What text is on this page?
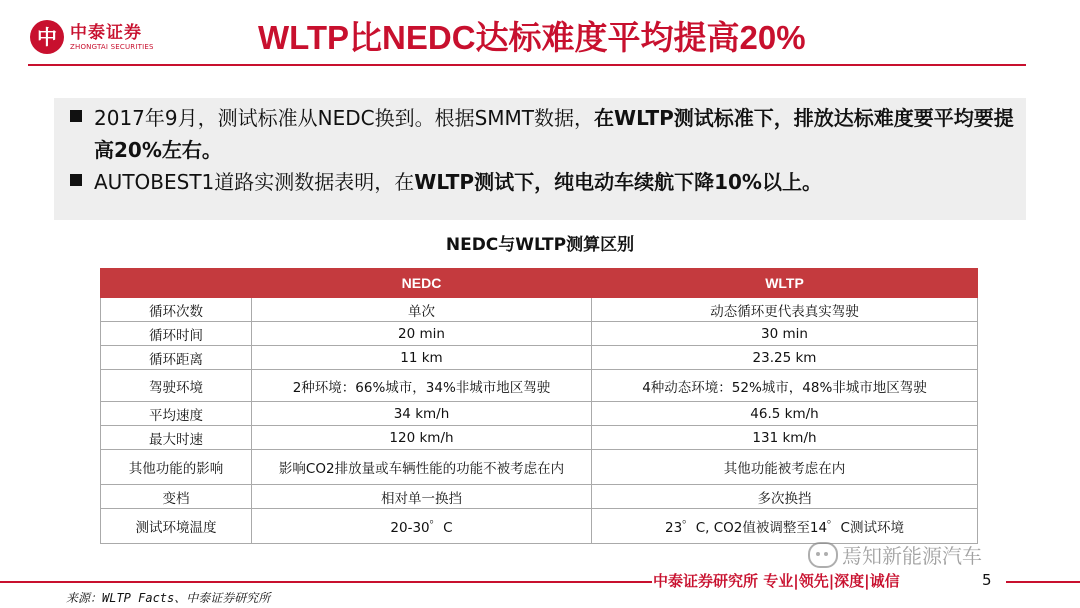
中 中泰证券
ZHONGTAI SECURITIES	WLTP比NEDC达标难度平均提高20%
2017年9月，测试标准从NEDC换到。根据SMMT数据，在WLTP测试标准下，排放达标难度要平均要提高20%左右。
AUTOBEST1道路实测数据表明，在WLTP测试下，纯电动车续航下降10%以上。
NEDC与WLTP测算区别
	NEDC	WLTP
循环次数	单次	动态循环更代表真实驾驶
循环时间	20 min	30 min
循环距离	11 km	23.25 km
驾驶环境	2种环境：66%城市，34%非城市地区驾驶	4种动态环境：52%城市，48%非城市地区驾驶
平均速度	34 km/h	46.5 km/h
最大时速	120 km/h	131 km/h
其他功能的影响	影响CO2排放量或车辆性能的功能不被考虑在内	其他功能被考虑在内
变档	相对单一换挡	多次换挡
测试环境温度	20-30゜C	23゜C, CO2值被调整至14゜C测试环境
焉知新能源汽车
中泰证券研究所 专业|领先|深度|诚信	5
来源：WLTP Facts、中泰证券研究所
